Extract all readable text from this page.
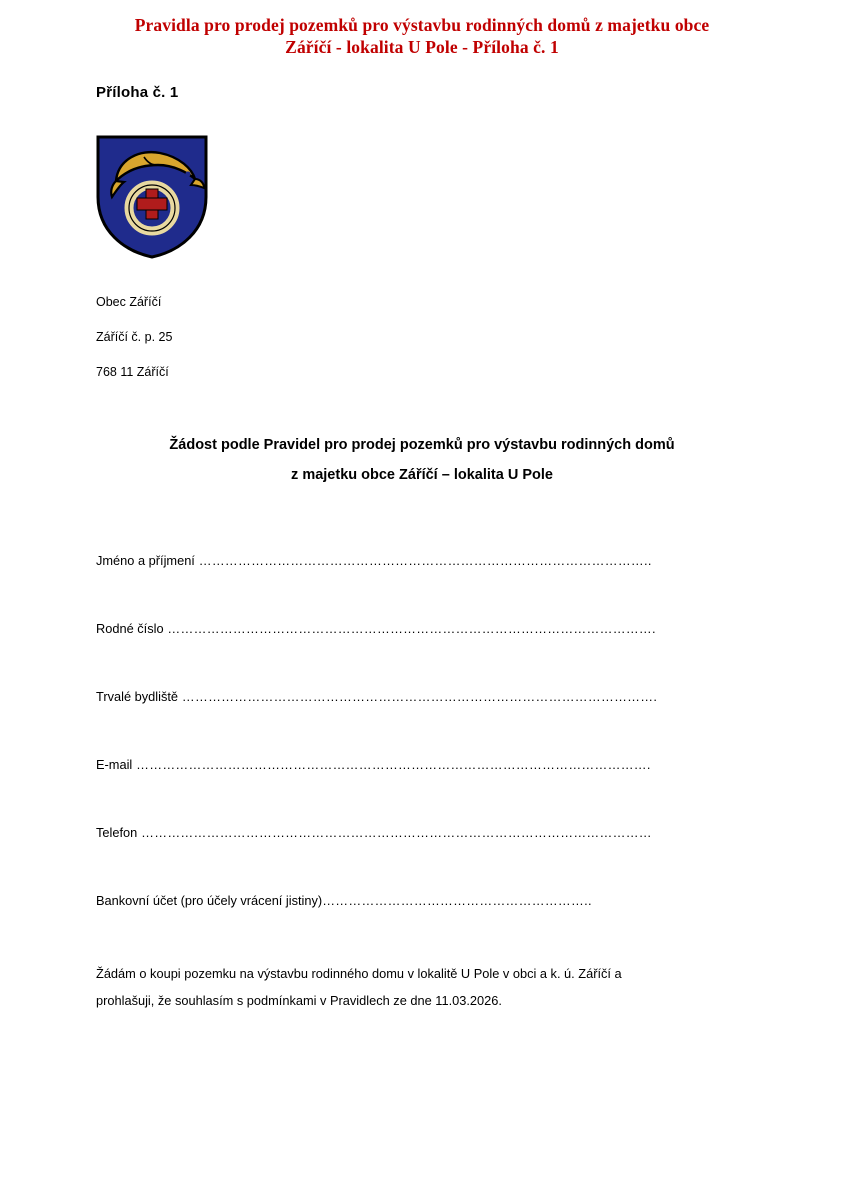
Pravidla pro prodej pozemků pro výstavbu rodinných domů z majetku obce
Záříčí - lokalita U Pole - Příloha č. 1
Příloha č. 1
Obec Záříčí
Záříčí č. p. 25
768 11 Záříčí
Žádost podle Pravidel pro prodej pozemků pro výstavbu rodinných domů
z majetku obce Záříčí – lokalita U Pole
Jméno a příjmení …………………………………………………………………………………………..
Rodné číslo ………………………………………………………………………………………………….
Trvalé bydliště ……………………………………………………………………………………………….
E-mail ……………………………………………………………………………………………………….
Telefon ………………………………………………………………………………………………………
Bankovní účet (pro účely vrácení jistiny)……………………………………………………..
Žádám o koupi pozemku na výstavbu rodinného domu v lokalitě U Pole v obci a k. ú. Záříčí a
prohlašuji, že souhlasím s podmínkami v Pravidlech ze dne 11.03.2026.
